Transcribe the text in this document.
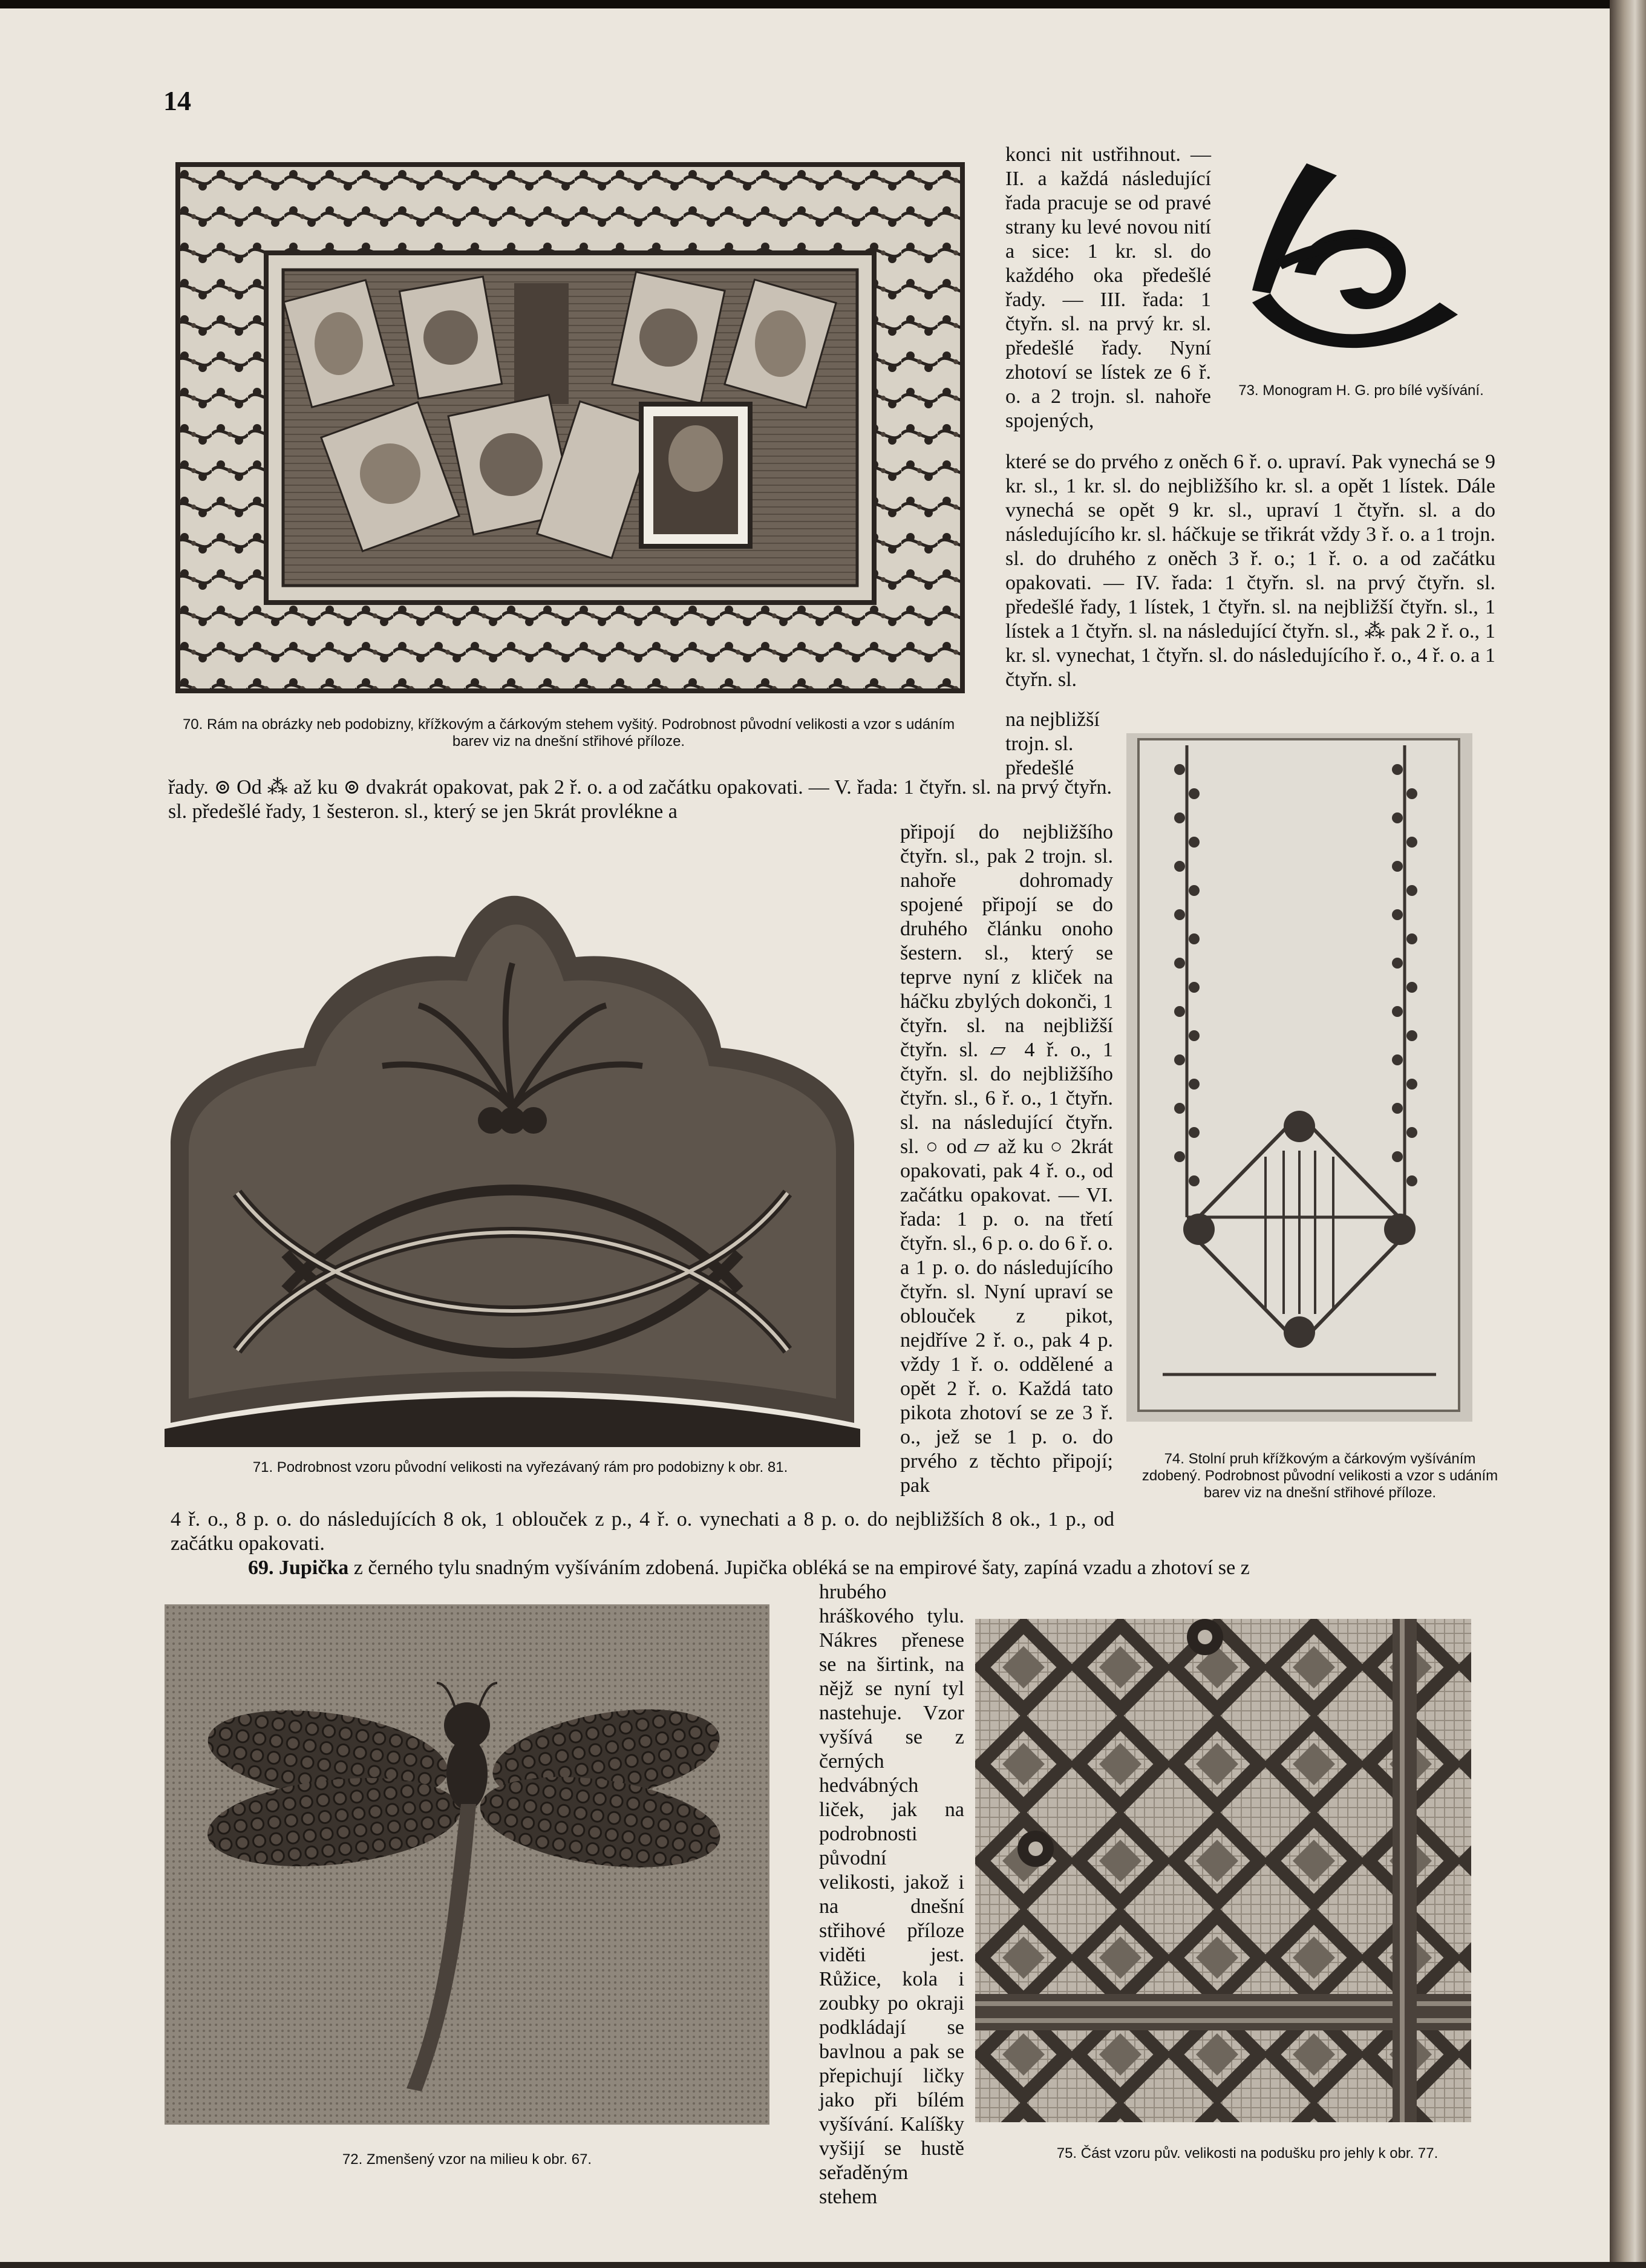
14

70. Rám na obrázky neb podobizny, křížkovým a čárkovým stehem vyšitý. Podrobnost původní velikosti a vzor s udáním barev viz na dnešní střihové příloze.

konci nit ustřihnout. — II. a každá následující řada pracuje se od pravé strany ku levé novou nití a sice: 1 kr. sl. do každého oka předešlé řady. — III. řada: 1 čtyřn. sl. na prvý kr. sl. předešlé řady. Nyní zhotoví se lístek ze 6 ř. o. a 2 trojn. sl. nahoře spojených,

73. Monogram H. G. pro bílé vyšívání.

které se do prvého z oněch 6 ř. o. upraví. Pak vynechá se 9 kr. sl., 1 kr. sl. do nejbližšího kr. sl. a opět 1 lístek. Dále vynechá se opět 9 kr. sl., upraví 1 čtyřn. sl. a do následujícího kr. sl. háčkuje se třikrát vždy 3 ř. o. a 1 trojn. sl. do druhého z oněch 3 ř. o.; 1 ř. o. a od začátku opakovati. — IV. řada: 1 čtyřn. sl. na prvý čtyřn. sl. předešlé řady, 1 lístek, 1 čtyřn. sl. na nejbližší čtyřn. sl., 1 lístek a 1 čtyřn. sl. na následující čtyřn. sl., ⁂ pak 2 ř. o., 1 kr. sl. vynechat, 1 čtyřn. sl. do následujícího ř. o., 4 ř. o. a 1 čtyřn. sl.

na nejbližší trojn. sl. předešlé

74. Stolní pruh křížkovým a čárkovým vyšíváním zdobený. Podrobnost původní velikosti a vzor s udáním barev viz na dnešní střihové příloze.

řady. ⊚ Od ⁂ až ku ⊚ dvakrát opakovat, pak 2 ř. o. a od začátku opakovati. — V. řada: 1 čtyřn. sl. na prvý čtyřn. sl. předešlé řady, 1 šesteron. sl., který se jen 5krát provlékne a

71. Podrobnost vzoru původní velikosti na vyřezávaný rám pro podobizny k obr. 81.

připojí do nejbližšího čtyřn. sl., pak 2 trojn. sl. nahoře dohromady spojené připojí se do druhého článku onoho šestern. sl., který se teprve nyní z kliček na háčku zbylých dokonči, 1 čtyřn. sl. na nejbližší čtyřn. sl. ▱ 4 ř. o., 1 čtyřn. sl. do nejbližšího čtyřn. sl., 6 ř. o., 1 čtyřn. sl. na následující čtyřn. sl. ○ od ▱ až ku ○ 2krát opakovati, pak 4 ř. o., od začátku opakovat. — VI. řada: 1 p. o. na třetí čtyřn. sl., 6 p. o. do 6 ř. o. a 1 p. o. do následujícího čtyřn. sl. Nyní upraví se oblouček z pikot, nejdříve 2 ř. o., pak 4 p. vždy 1 ř. o. oddělené a opět 2 ř. o. Každá tato pikota zhotoví se ze 3 ř. o., jež se 1 p. o. do prvého z těchto připojí; pak

4 ř. o., 8 p. o. do následujících 8 ok, 1 oblouček z p., 4 ř. o. vynechati a 8 p. o. do nejbližších 8 ok., 1 p., od začátku opakovati.

69. Jupička z černého tylu snadným vyšíváním zdobená. Jupička obléká se na empirové šaty, zapíná vzadu a zhotoví se z

72. Zmenšený vzor na milieu k obr. 67.

hrubého hráškového tylu. Nákres přenese se na širtink, na nějž se nyní tyl nastehuje. Vzor vyšívá se z černých hedvábných liček, jak na podrobnosti původní velikosti, jakož i na dnešní střihové příloze viděti jest. Růžice, kola i zoubky po okraji podkládají se bavlnou a pak se přepichují ličky jako při bílém vyšívání. Kalíšky vyšijí se hustě seřaděným stehem

75. Část vzoru pův. velikosti na podušku pro jehly k obr. 77.
